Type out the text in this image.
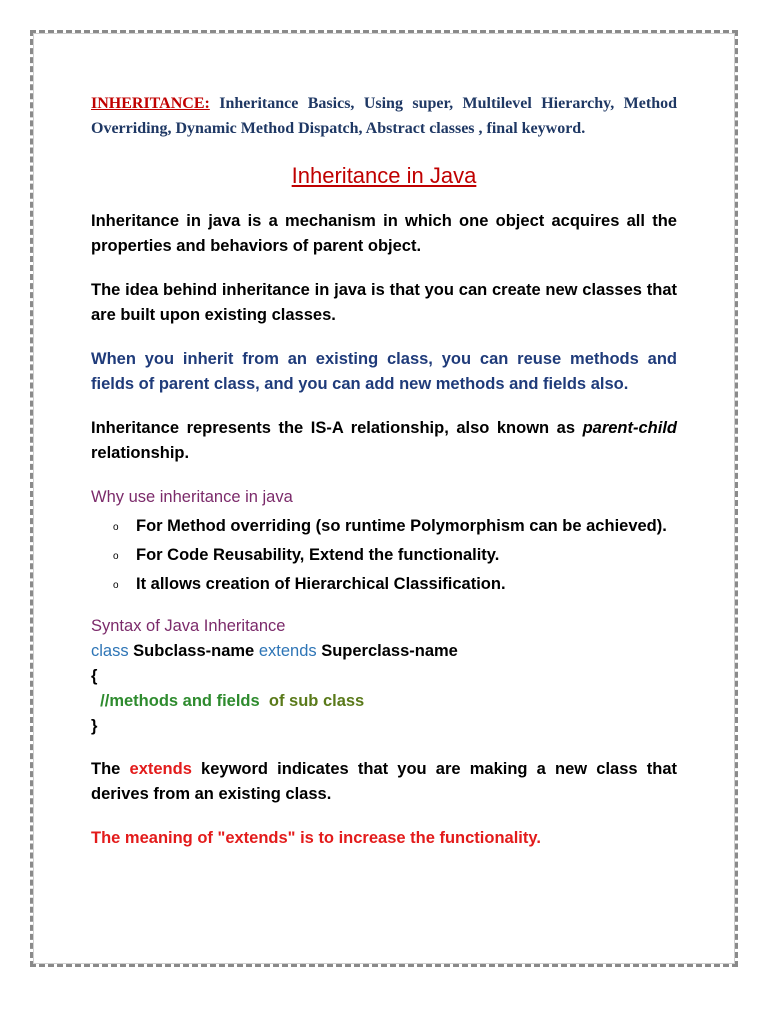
INHERITANCE: Inheritance Basics, Using super, Multilevel Hierarchy, Method Overriding, Dynamic Method Dispatch, Abstract classes , final keyword.
Inheritance in Java

Inheritance in java is a mechanism in which one object acquires all the properties and behaviors of parent object.

The idea behind inheritance in java is that you can create new classes that are built upon existing classes.

When you inherit from an existing class, you can reuse methods and fields of parent class, and you can add new methods and fields also.

Inheritance represents the IS-A relationship, also known as parent-child relationship.

Why use inheritance in java
o For Method overriding (so runtime Polymorphism can be achieved).
o For Code Reusability, Extend the functionality.
o It allows creation of Hierarchical Classification.
Syntax of Java Inheritance
class Subclass-name extends Superclass-name
{
//methods and fields  of sub class
}

The extends keyword indicates that you are making a new class that derives from an existing class.

The meaning of "extends" is to increase the functionality.
